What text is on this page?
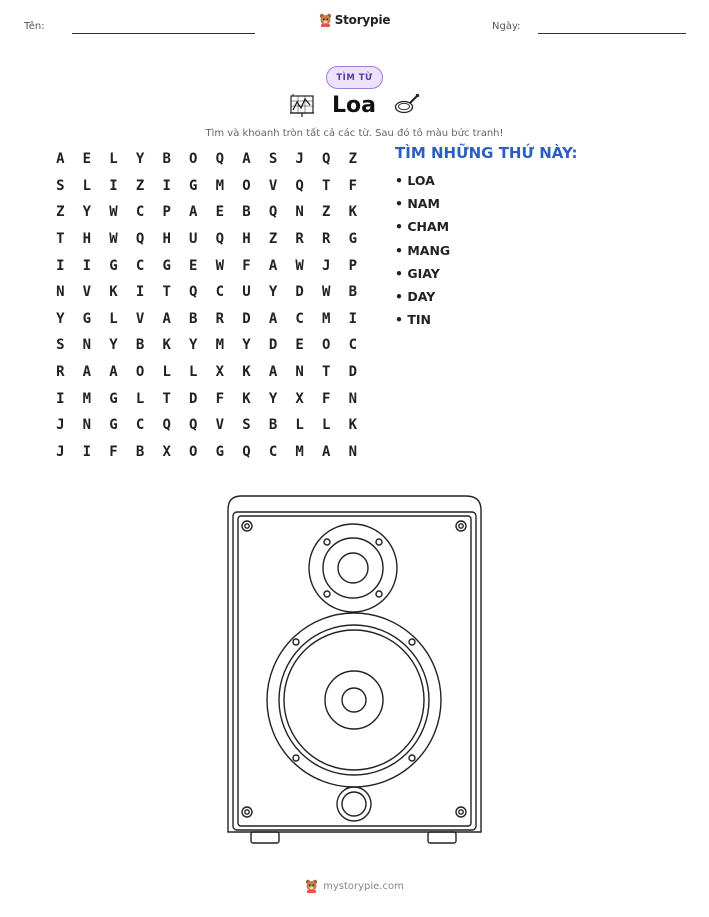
Tên:	Storypie	Ngày:
TÌM TỪ
Loa
Tìm và khoanh tròn tất cả các từ. Sau đó tô màu bức tranh!
A	E	L	Y	B	O	Q	A	S	J	Q	Z
S	L	I	Z	I	G	M	O	V	Q	T	F
Z	Y	W	C	P	A	E	B	Q	N	Z	K
T	H	W	Q	H	U	Q	H	Z	R	R	G
I	I	G	C	G	E	W	F	A	W	J	P
N	V	K	I	T	Q	C	U	Y	D	W	B
Y	G	L	V	A	B	R	D	A	C	M	I
S	N	Y	B	K	Y	M	Y	D	E	O	C
R	A	A	O	L	L	X	K	A	N	T	D
I	M	G	L	T	D	F	K	Y	X	F	N
J	N	G	C	Q	Q	V	S	B	L	L	K
J	I	F	B	X	O	G	Q	C	M	A	N
TÌM NHỮNG THỨ NÀY:
• LOA
• NAM
• CHAM
• MANG
• GIAY
• DAY
• TIN
mystorypie.com
